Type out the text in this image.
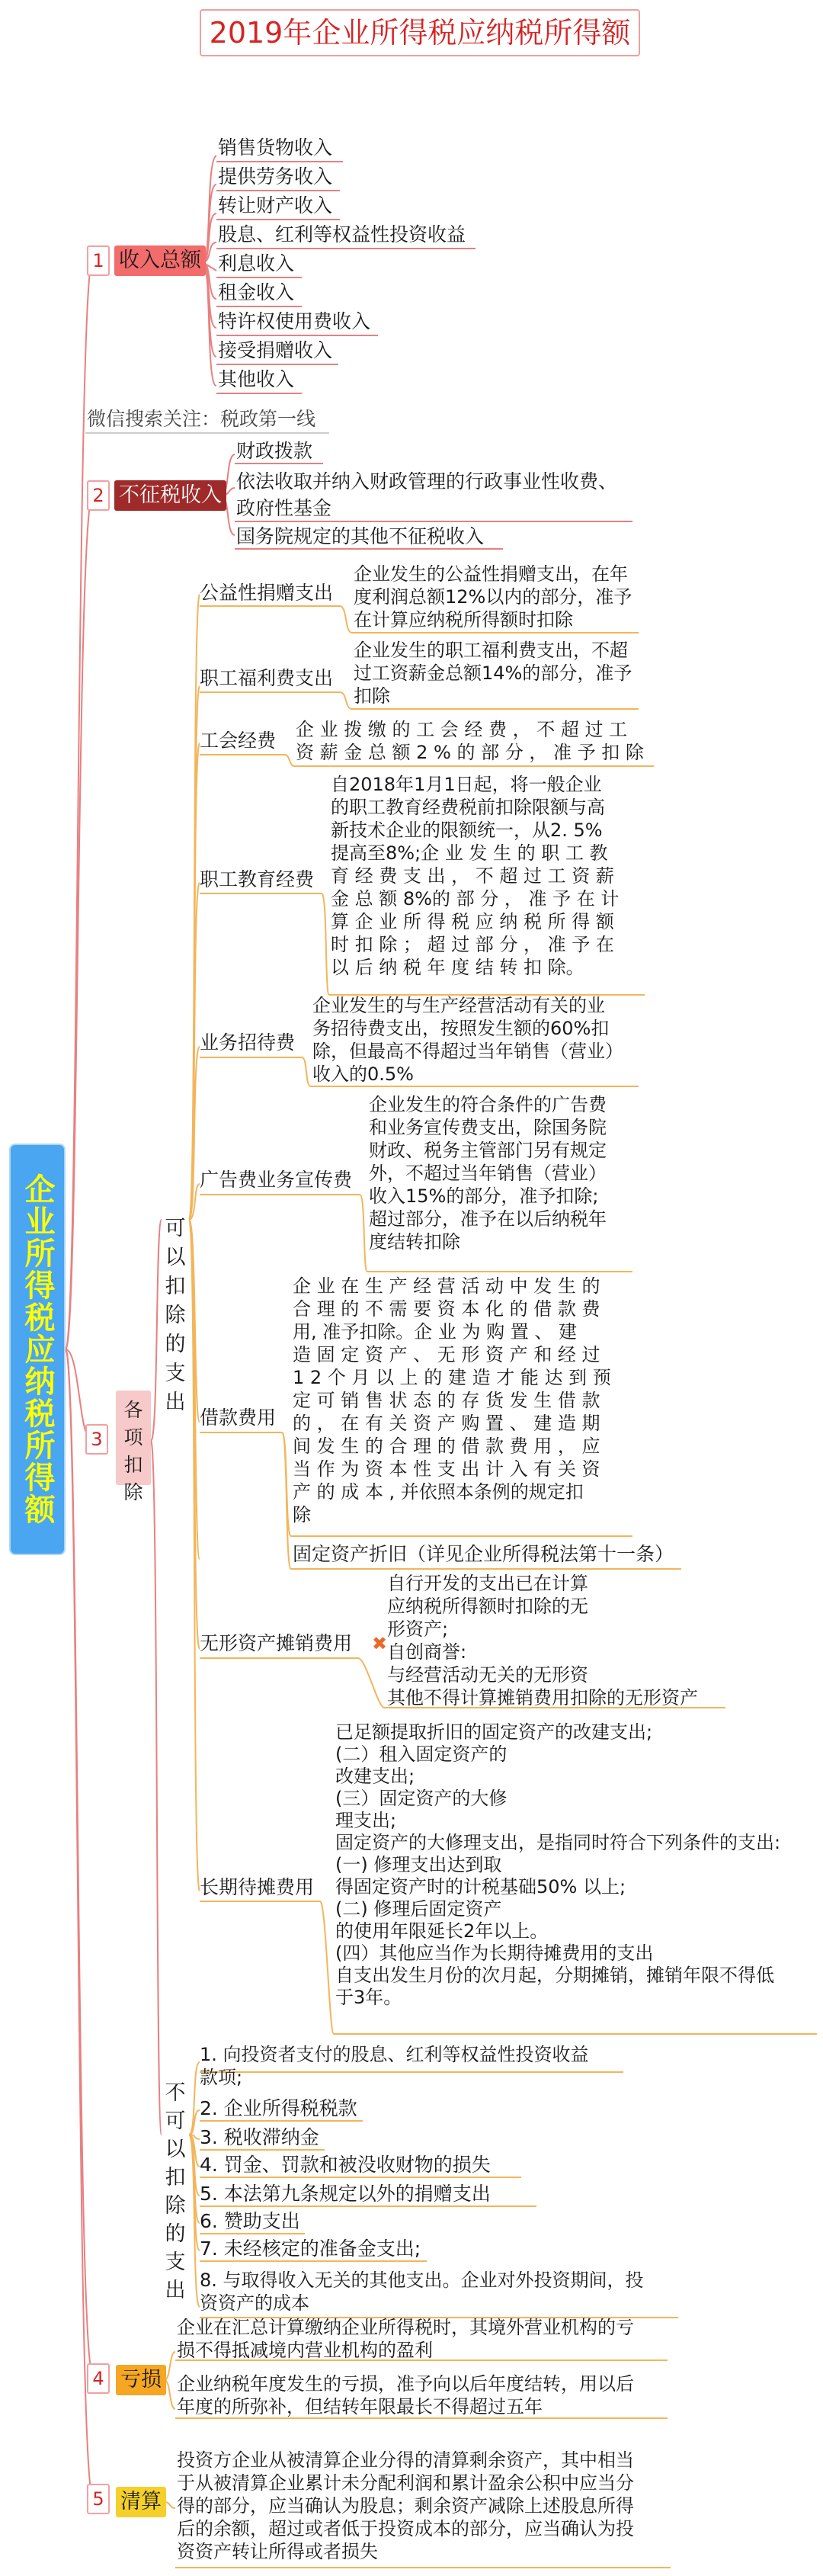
2019年企业所得税应纳税所得额
企业所得税应纳税所得额
1 收入总额
销售货物收入
提供劳务收入
转让财产收入
股息、红利等权益性投资收益
利息收入
租金收入
特许权使用费收入
接受捐赠收入
其他收入
微信搜索关注：税政第一线
2 不征税收入
财政拨款
依法收取并纳入财政管理的行政事业性收费、
政府性基金
国务院规定的其他不征税收入
3
各项
扣除
可
以
扣
除
的
支
出
不
可
以
扣
除
的
支
出
公益性捐赠支出
企业发生的公益性捐赠支出，在年
度利润总额12%以内的部分，准予
在计算应纳税所得额时扣除
职工福利费支出
企业发生的职工福利费支出，不超
过工资薪金总额14%的部分，准予
扣除
工会经费 企 业 拨 缴 的 工 会 经 费 ， 不 超 过 工
资 薪 金 总 额 2 % 的 部 分 ， 准 予 扣 除
职工教育经费
自2018年1月1日起，将一般企业
的职工教育经费税前扣除限额与高
新技术企业的限额统一，从2. 5%
提高至8%;企 业 发 生 的 职 工 教
育 经 费 支 出 ， 不 超 过 工 资 薪
金 总 额 8%的 部 分 ， 准 予 在 计
算 企 业 所 得 税 应 纳 税 所 得 额
时 扣 除 ； 超 过 部 分 ， 准 予 在
以 后 纳 税 年 度 结 转 扣 除。
业务招待费
企业发生的与生产经营活动有关的业
务招待费支出，按照发生额的60%扣
除，但最高不得超过当年销售（营业）
收入的0.5%
广告费业务宣传费
企业发生的符合条件的广告费
和业务宣传费支出，除国务院
财政、税务主管部门另有规定
外，不超过当年销售（营业）
收入15%的部分，准予扣除;
超过部分，准予在以后纳税年
度结转扣除
借款费用
企 业 在 生 产 经 营 活 动 中 发 生 的
合 理 的 不 需 要 资 本 化 的 借 款 费
用, 准予扣除。企 业 为 购 置 、 建
造 固 定 资 产 、 无 形 资 产 和 经 过
1 2 个 月 以 上 的 建 造 才 能 达 到 预
定 可 销 售 状 态 的 存 货 发 生 借 款
的 ， 在 有 关 资 产 购 置 、 建 造 期
间 发 生 的 合 理 的 借 款 费 用 ， 应
当 作 为 资 本 性 支 出 计 入 有 关 资
产 的 成 本 , 并依照本条例的规定扣
除
固定资产折旧（详见企业所得税法第十一条）
无形资产摊销费用 ✖
自行开发的支出已在计算
应纳税所得额时扣除的无
形资产;
自创商誉:
与经营活动无关的无形资
其他不得计算摊销费用扣除的无形资产
长期待摊费用
已足额提取折旧的固定资产的改建支出;
(二）租入固定资产的
改建支出;
(三）固定资产的大修
理支出;
固定资产的大修理支出，是指同时符合下列条件的支出:
(一) 修理支出达到取
得固定资产时的计税基础50% 以上;
(二) 修理后固定资产
的使用年限延长2年以上。
(四）其他应当作为长期待摊费用的支出
自支出发生月份的次月起，分期摊销，摊销年限不得低
于3年。
1. 向投资者支付的股息、红利等权益性投资收益
款项;
2. 企业所得税税款
3. 税收滞纳金
4. 罚金、罚款和被没收财物的损失
5. 本法第九条规定以外的捐赠支出
6. 赞助支出
7. 未经核定的准备金支出;
8. 与取得收入无关的其他支出。企业对外投资期间，投
资资产的成本
4 亏损
企业在汇总计算缴纳企业所得税时，其境外营业机构的亏
损不得抵减境内营业机构的盈利
企业纳税年度发生的亏损，准予向以后年度结转，用以后
年度的所弥补，但结转年限最长不得超过五年
5 清算
投资方企业从被清算企业分得的清算剩余资产，其中相当
于从被清算企业累计未分配利润和累计盈余公积中应当分
得的部分，应当确认为股息；剩余资产减除上述股息所得
后的余额，超过或者低于投资成本的部分，应当确认为投
资资产转让所得或者损失
